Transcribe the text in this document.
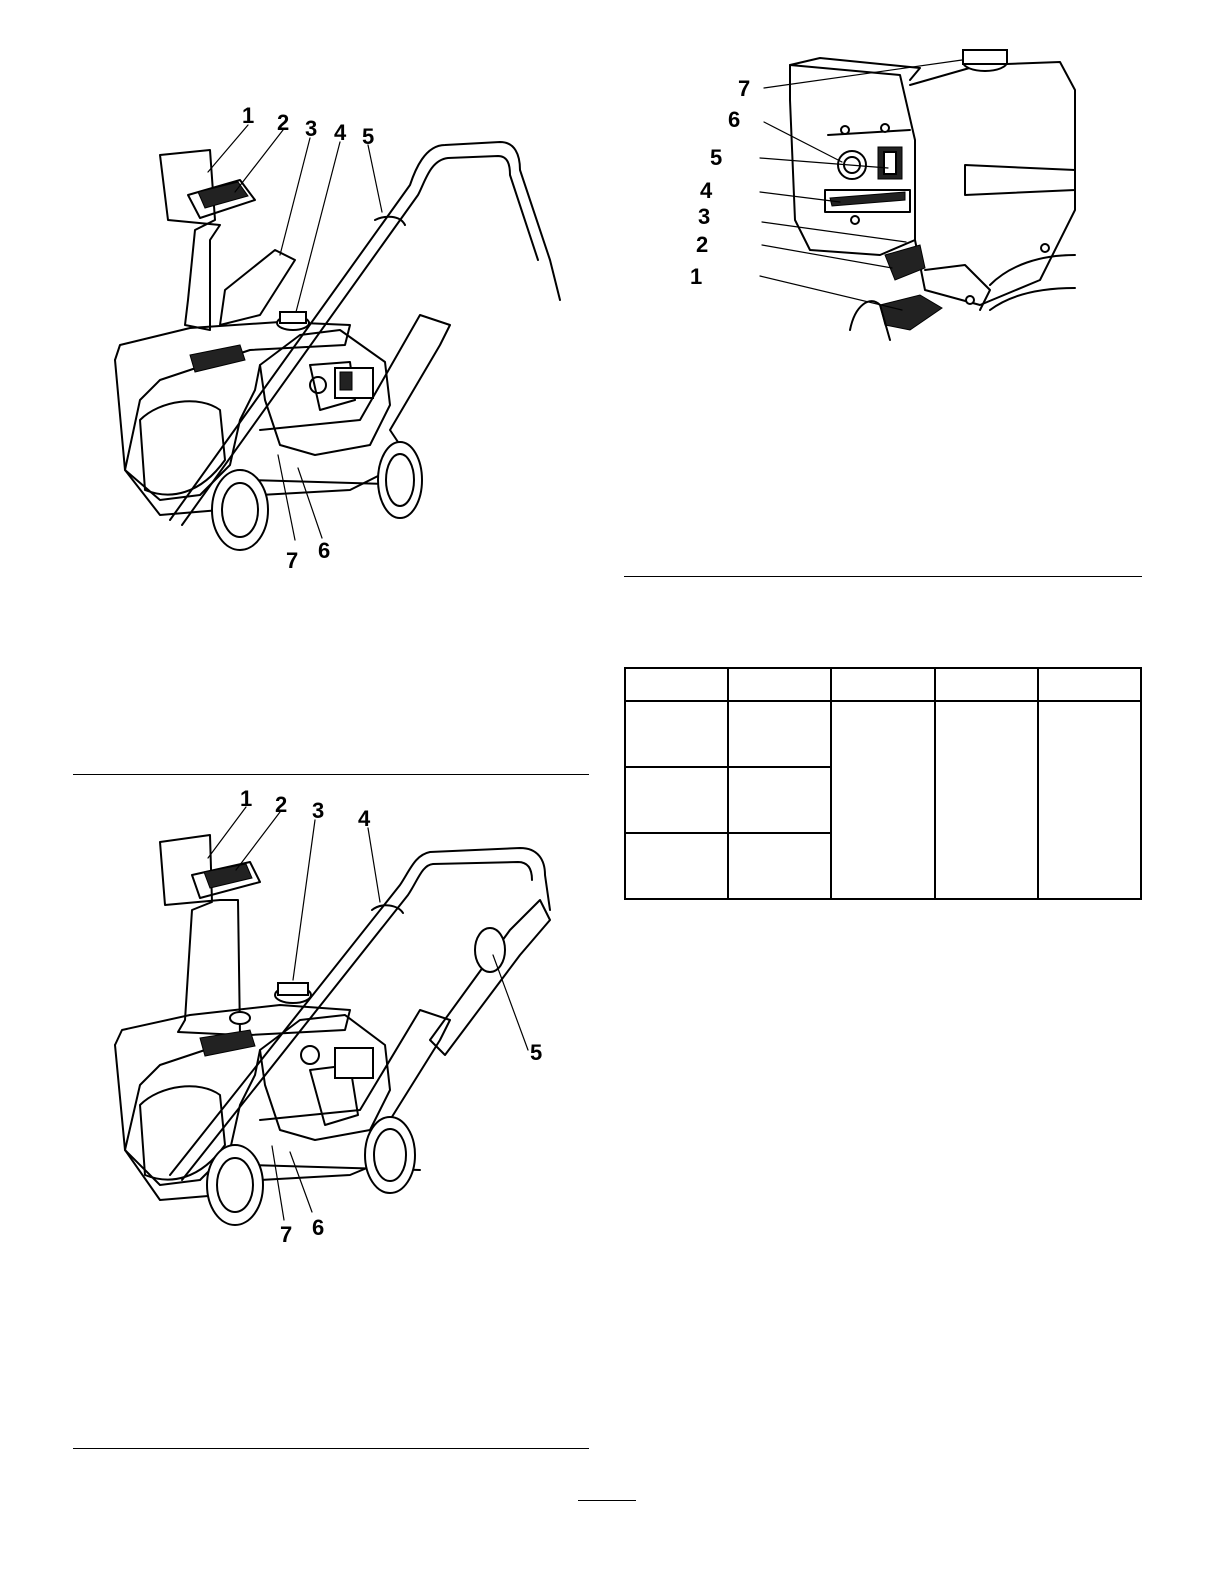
1 2 3 4 5
6
7
1 2 3 4
5
6
7
7
6
5
4
3
2
1
